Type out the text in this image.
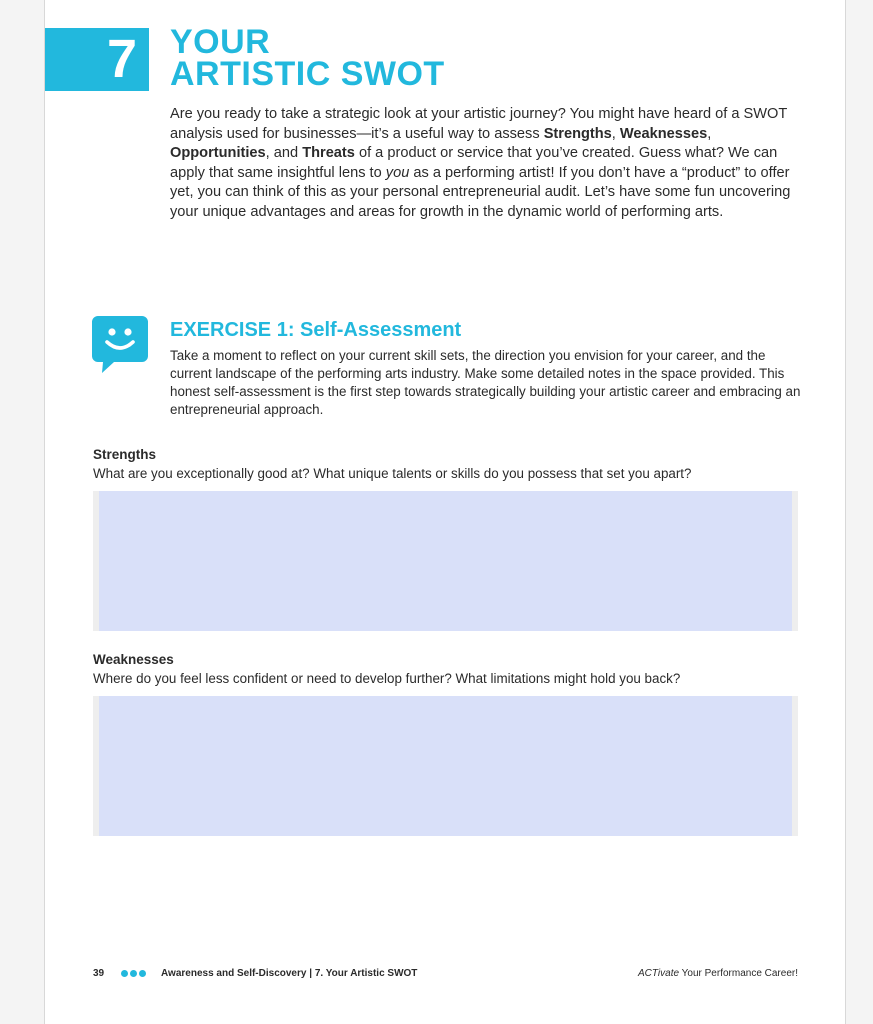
7 YOUR
ARTISTIC SWOT

Are you ready to take a strategic look at your artistic journey? You might have heard of a SWOT analysis used for businesses—it’s a useful way to assess Strengths, Weaknesses, Opportunities, and Threats of a product or service that you’ve created. Guess what? We can apply that same insightful lens to you as a performing artist! If you don’t have a “product” to offer yet, you can think of this as your personal entrepreneurial audit. Let’s have some fun uncovering your unique advantages and areas for growth in the dynamic world of performing arts.

EXERCISE 1: Self-Assessment

Take a moment to reflect on your current skill sets, the direction you envision for your career, and the current landscape of the performing arts industry. Make some detailed notes in the space provided. This honest self-assessment is the first step towards strategically building your artistic career and embracing an entrepreneurial approach.

Strengths
What are you exceptionally good at? What unique talents or skills do you possess that set you apart?
Weaknesses
Where do you feel less confident or need to develop further? What limitations might hold you back?
39	Awareness and Self-Discovery | 7. Your Artistic SWOT	ACTivate Your Performance Career!
